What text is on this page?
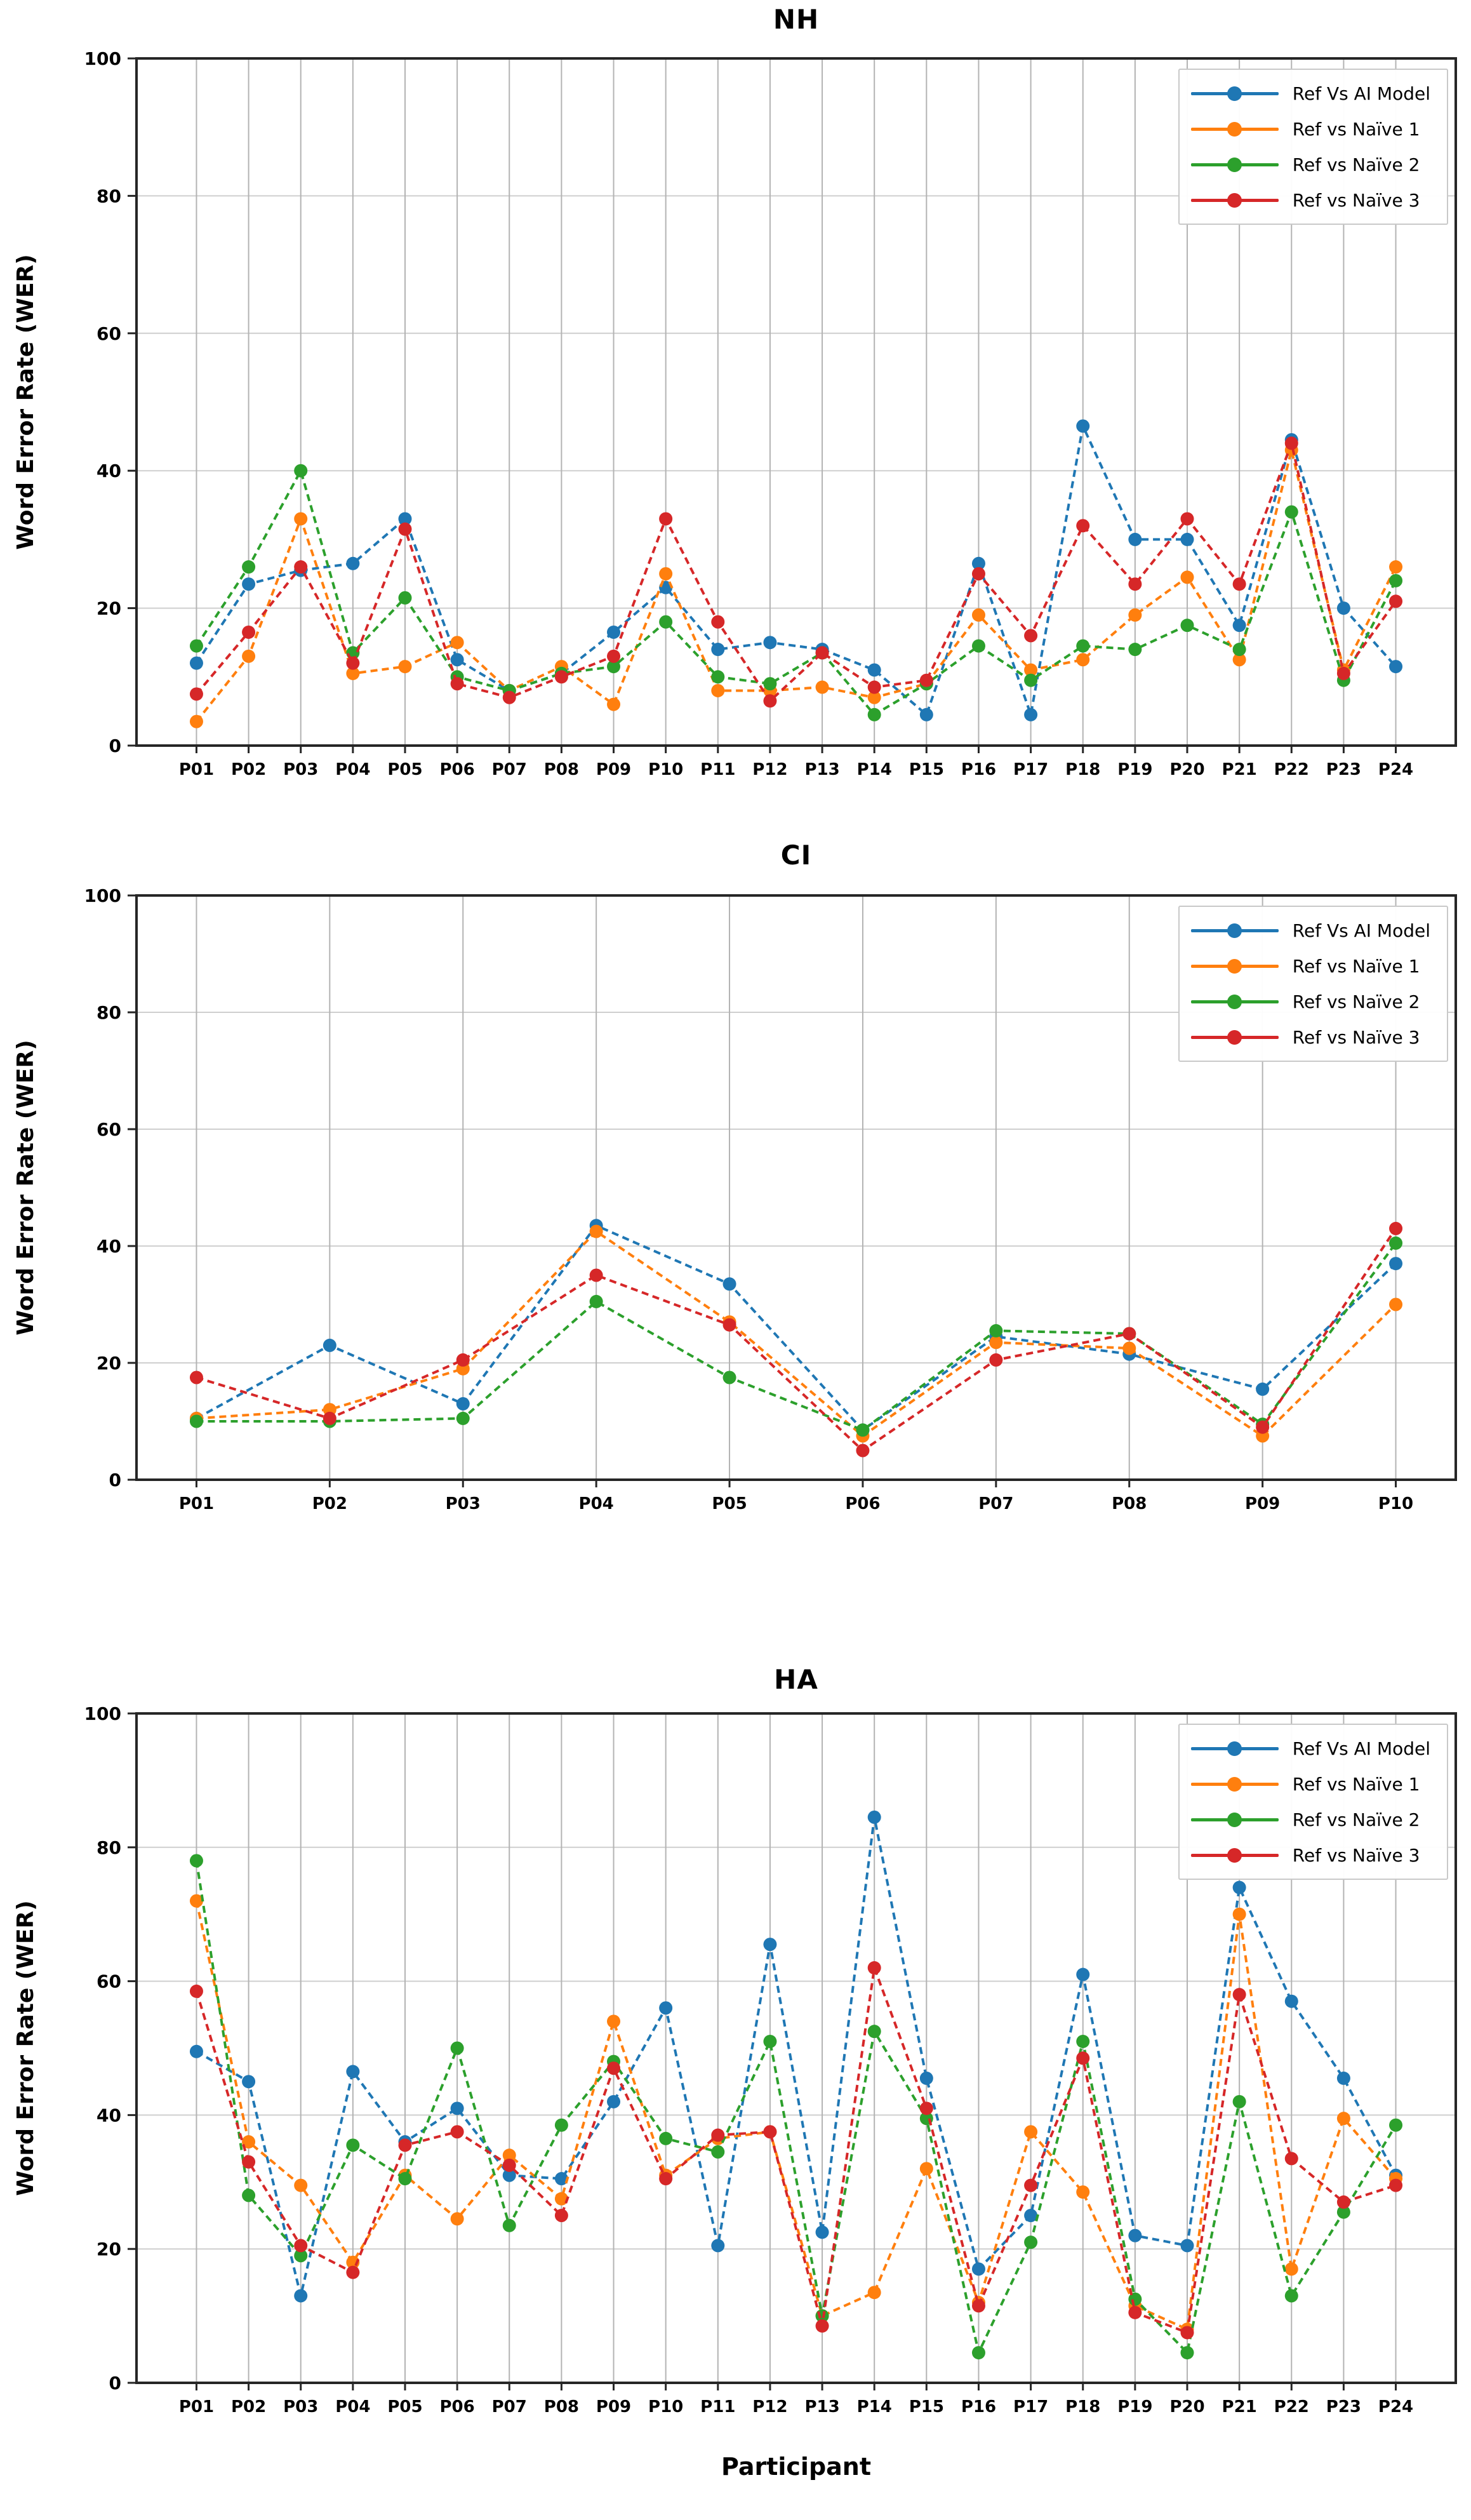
NH
0
20
40
60
80
100
P01 P02 P03 P04 P05 P06 P07 P08 P09 P10 P11 P12 P13 P14 P15 P16 P17 P18 P19 P20 P21 P22 P23 P24
Word Error Rate (WER)
Ref Vs AI Model
Ref vs Naïve 1
Ref vs Naïve 2
Ref vs Naïve 3
CI
0
20
40
60
80
100
P01	P02	P03	P04	P05	P06	P07	P08	P09	P10
Word Error Rate (WER)
Ref Vs AI Model
Ref vs Naïve 1
Ref vs Naïve 2
Ref vs Naïve 3
HA
0
20
40
60
80
100
P01 P02 P03 P04 P05 P06 P07 P08 P09 P10 P11 P12 P13 P14 P15 P16 P17 P18 P19 P20 P21 P22 P23 P24
Word Error Rate (WER)
Ref Vs AI Model
Ref vs Naïve 1
Ref vs Naïve 2
Ref vs Naïve 3
Participant
